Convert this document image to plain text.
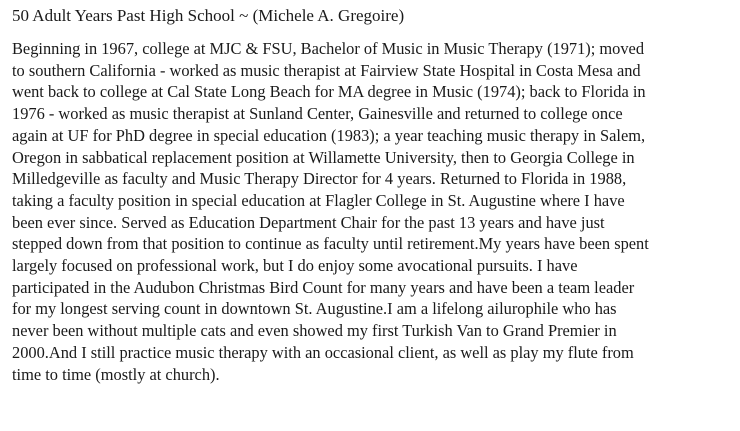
50 Adult Years Past High School ~ (Michele A. Gregoire)

Beginning in 1967, college at MJC & FSU, Bachelor of Music in Music Therapy (1971); moved
to southern California - worked as music therapist at Fairview State Hospital in Costa Mesa and
went back to college at Cal State Long Beach for MA degree in Music (1974); back to Florida in
1976 - worked as music therapist at Sunland Center, Gainesville and returned to college once
again at UF for PhD degree in special education (1983); a year teaching music therapy in Salem,
Oregon in sabbatical replacement position at Willamette University, then to Georgia College in
Milledgeville as faculty and Music Therapy Director for 4 years. Returned to Florida in 1988,
taking a faculty position in special education at Flagler College in St. Augustine where I have
been ever since. Served as Education Department Chair for the past 13 years and have just
stepped down from that position to continue as faculty until retirement.My years have been spent
largely focused on professional work, but I do enjoy some avocational pursuits. I have
participated in the Audubon Christmas Bird Count for many years and have been a team leader
for my longest serving count in downtown St. Augustine.I am a lifelong ailurophile who has
never been without multiple cats and even showed my first Turkish Van to Grand Premier in
2000.And I still practice music therapy with an occasional client, as well as play my flute from
time to time (mostly at church).
